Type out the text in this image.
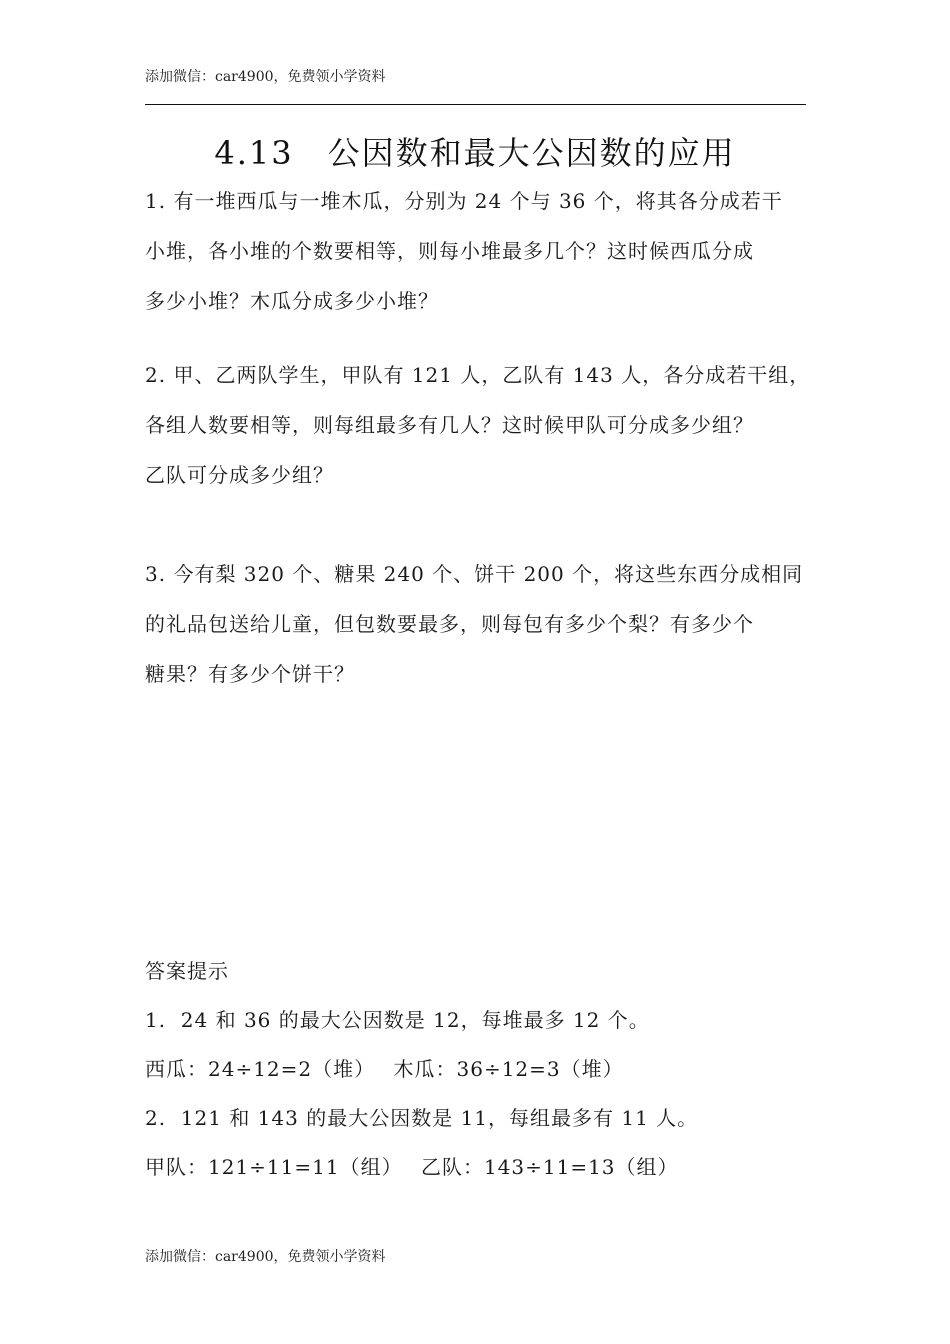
添加微信：car4900，免费领小学资料
4.13　公因数和最大公因数的应用
1. 有一堆西瓜与一堆木瓜，分别为 24 个与 36 个，将其各分成若干
小堆，各小堆的个数要相等，则每小堆最多几个？这时候西瓜分成
多少小堆？木瓜分成多少小堆？
2. 甲、乙两队学生，甲队有 121 人，乙队有 143 人，各分成若干组，
各组人数要相等，则每组最多有几人？这时候甲队可分成多少组？
乙队可分成多少组？
3. 今有梨 320 个、糖果 240 个、饼干 200 个，将这些东西分成相同
的礼品包送给儿童，但包数要最多，则每包有多少个梨？有多少个
糖果？有多少个饼干？
答案提示
1.  24 和 36 的最大公因数是 12，每堆最多 12 个。
西瓜：24÷12=2（堆）　 木瓜：36÷12=3（堆）
2.  121 和 143 的最大公因数是 11，每组最多有 11 人。
甲队：121÷11=11（组）　 乙队：143÷11=13（组）
添加微信：car4900，免费领小学资料
